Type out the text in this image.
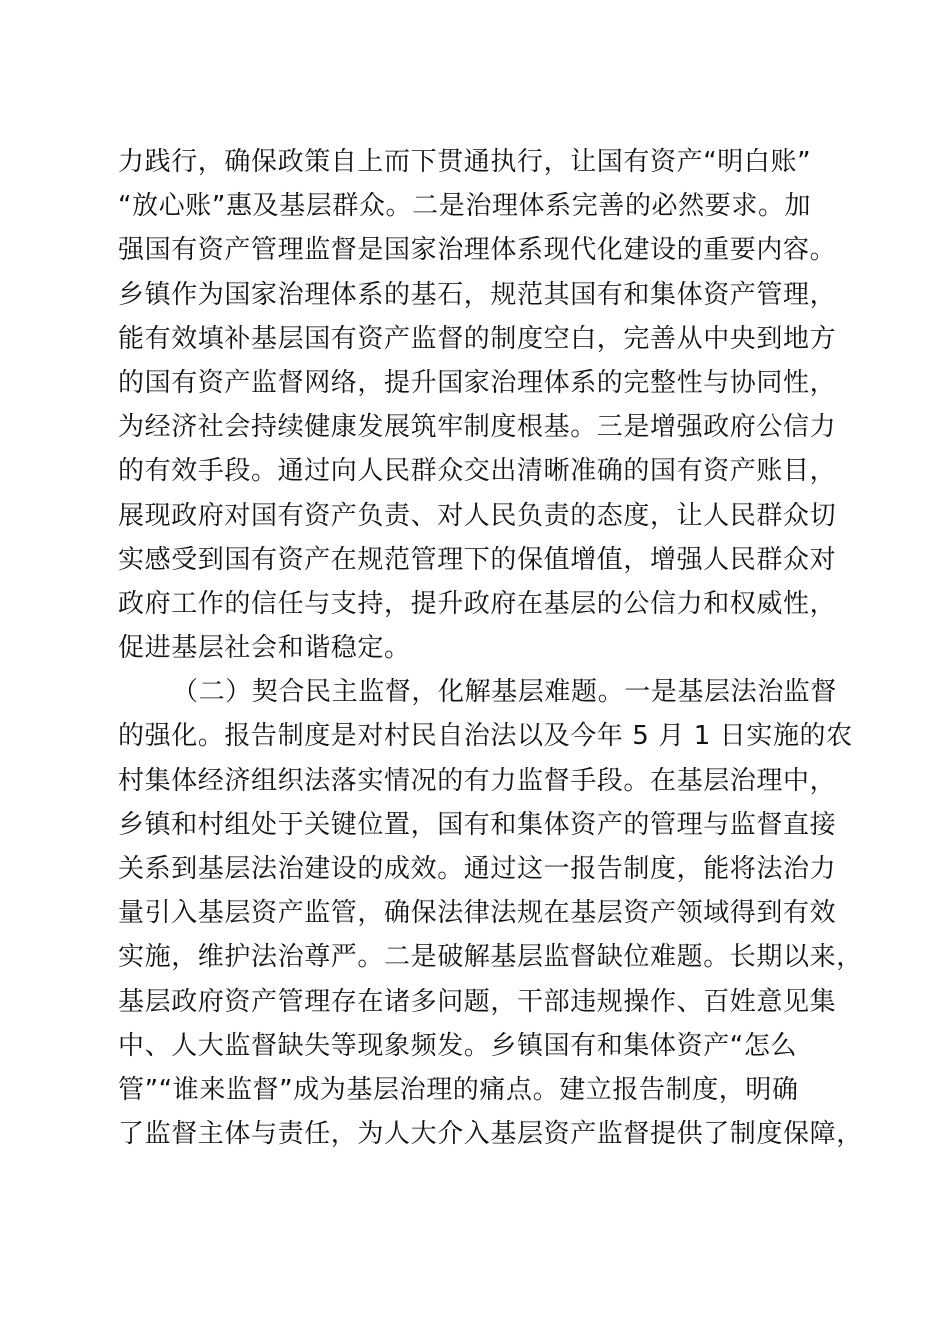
力践行，确保政策自上而下贯通执行，让国有资产“明白账”
“放心账”惠及基层群众。二是治理体系完善的必然要求。加
强国有资产管理监督是国家治理体系现代化建设的重要内容。
乡镇作为国家治理体系的基石，规范其国有和集体资产管理，
能有效填补基层国有资产监督的制度空白，完善从中央到地方
的国有资产监督网络，提升国家治理体系的完整性与协同性，
为经济社会持续健康发展筑牢制度根基。三是增强政府公信力
的有效手段。通过向人民群众交出清晰准确的国有资产账目，
展现政府对国有资产负责、对人民负责的态度，让人民群众切
实感受到国有资产在规范管理下的保值增值，增强人民群众对
政府工作的信任与支持，提升政府在基层的公信力和权威性，
促进基层社会和谐稳定。
（二）契合民主监督，化解基层难题。一是基层法治监督
的强化。报告制度是对村民自治法以及今年 5 月 1 日实施的农
村集体经济组织法落实情况的有力监督手段。在基层治理中，
乡镇和村组处于关键位置，国有和集体资产的管理与监督直接
关系到基层法治建设的成效。通过这一报告制度，能将法治力
量引入基层资产监管，确保法律法规在基层资产领域得到有效
实施，维护法治尊严。二是破解基层监督缺位难题。长期以来，
基层政府资产管理存在诸多问题，干部违规操作、百姓意见集
中、人大监督缺失等现象频发。乡镇国有和集体资产“怎么
管”“谁来监督”成为基层治理的痛点。建立报告制度，明确
了监督主体与责任，为人大介入基层资产监督提供了制度保障，
